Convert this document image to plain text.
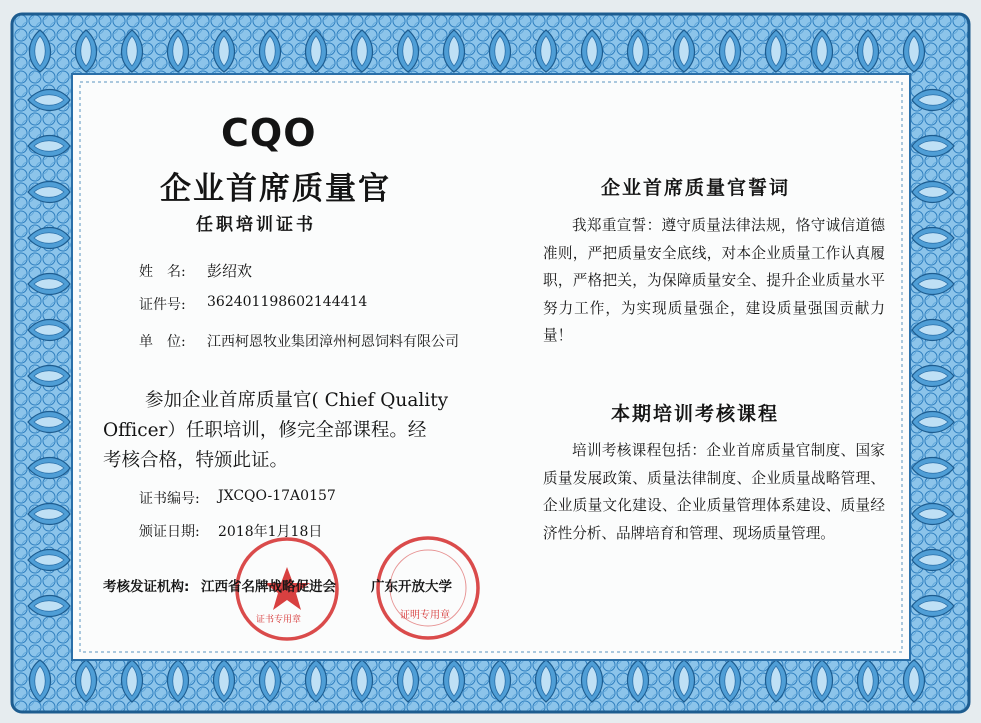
CQO
企业首席质量官
任职培训证书
姓　名: 彭绍欢
证件号: 362401198602144414
单　位: 江西柯恩牧业集团漳州柯恩饲料有限公司
参加企业首席质量官( Chief Quality
Officer）任职培训，修完全部课程。经
考核合格，特颁此证。
证书编号: JXCQO-17A0157
颁证日期: 2018年1月18日
证书专用章	证明专用章
考核发证机构: 江西省名牌战略促进会	广东开放大学
企业首席质量官誓词
我郑重宣誓：遵守质量法律法规，恪守诚信道德准则，严把质量安全底线，对本企业质量工作认真履职，严格把关，为保障质量安全、提升企业质量水平努力工作，为实现质量强企，建设质量强国贡献力量！
本期培训考核课程
培训考核课程包括：企业首席质量官制度、国家质量发展政策、质量法律制度、企业质量战略管理、企业质量文化建设、企业质量管理体系建设、质量经济性分析、品牌培育和管理、现场质量管理。
